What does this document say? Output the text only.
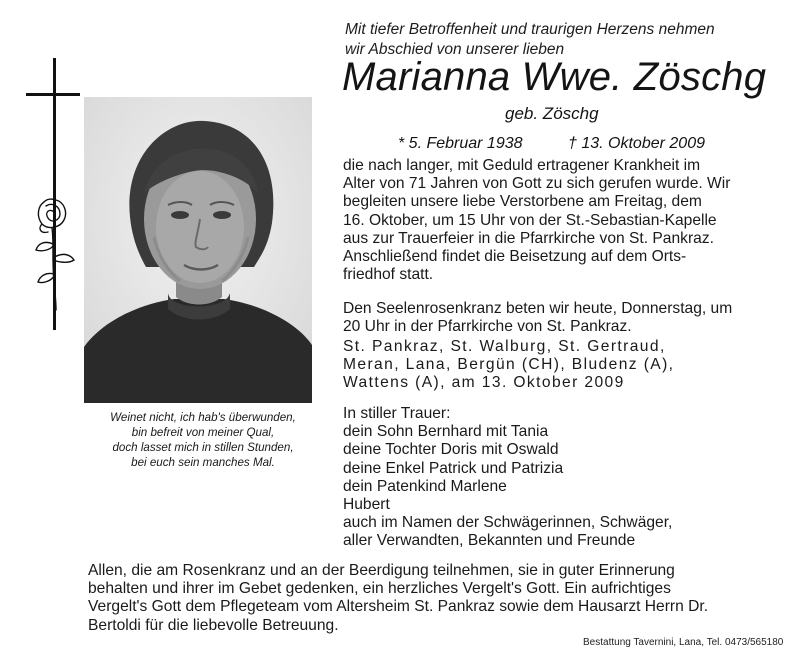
Weinet nicht, ich hab's überwunden,
bin befreit von meiner Qual,
doch lasset mich in stillen Stunden,
bei euch sein manches Mal.
Mit tiefer Betroffenheit und traurigen Herzens nehmen
wir Abschied von unserer lieben
Marianna Wwe. Zöschg
geb. Zöschg
* 5. Februar 1938	† 13. Oktober 2009
die nach langer, mit Geduld ertragener Krankheit im
Alter von 71 Jahren von Gott zu sich gerufen wurde. Wir
begleiten unsere liebe Verstorbene am Freitag, dem
16. Oktober, um 15 Uhr von der St.-Sebastian-Kapelle
aus zur Trauerfeier in die Pfarrkirche von St. Pankraz.
Anschließend findet die Beisetzung auf dem Orts-
friedhof statt.
Den Seelenrosenkranz beten wir heute, Donnerstag, um
20 Uhr in der Pfarrkirche von St. Pankraz.
St. Pankraz, St. Walburg, St. Gertraud,
Meran, Lana, Bergün (CH), Bludenz (A),
Wattens (A), am 13. Oktober 2009
In stiller Trauer:
dein Sohn Bernhard mit Tania
deine Tochter Doris mit Oswald
deine Enkel Patrick und Patrizia
dein Patenkind Marlene
Hubert
auch im Namen der Schwägerinnen, Schwäger,
aller Verwandten, Bekannten und Freunde
Allen, die am Rosenkranz und an der Beerdigung teilnehmen, sie in guter Erinnerung
behalten und ihrer im Gebet gedenken, ein herzliches Vergelt's Gott. Ein aufrichtiges
Vergelt's Gott dem Pflegeteam vom Altersheim St. Pankraz sowie dem Hausarzt Herrn Dr.
Bertoldi für die liebevolle Betreuung.
Bestattung Tavernini, Lana, Tel. 0473/565180
